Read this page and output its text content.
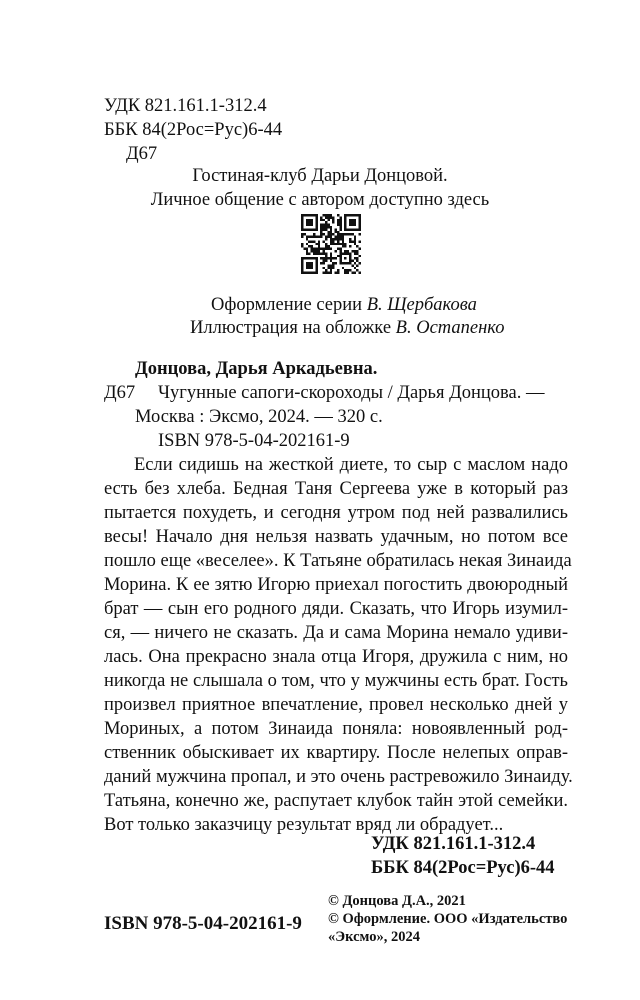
УДК 821.161.1-312.4
ББК 84(2Рос=Рус)6-44
Д67
Гостиная-клуб Дарьи Донцовой.
Личное общение с автором доступно здесь
Оформление серии В. Щербакова
Иллюстрация на обложке В. Остапенко
Донцова, Дарья Аркадьевна.
Д67 Чугунные сапоги-скороходы / Дарья Донцова. —
Москва : Эксмо, 2024. — 320 с.
ISBN 978-5-04-202161-9
Если сидишь на жесткой диете, то сыр с маслом надо
есть без хлеба. Бедная Таня Сергеева уже в который раз
пытается похудеть, и сегодня утром под ней развалились
весы! Начало дня нельзя назвать удачным, но потом все
пошло еще «веселее». К Татьяне обратилась некая Зинаида
Морина. К ее зятю Игорю приехал погостить двоюродный
брат — сын его родного дяди. Сказать, что Игорь изумил-
ся, — ничего не сказать. Да и сама Морина немало удиви-
лась. Она прекрасно знала отца Игоря, дружила с ним, но
никогда не слышала о том, что у мужчины есть брат. Гость
произвел приятное впечатление, провел несколько дней у
Мориных, а потом Зинаида поняла: новоявленный род-
ственник обыскивает их квартиру. После нелепых оправ-
даний мужчина пропал, и это очень растревожило Зинаиду.
Татьяна, конечно же, распутает клубок тайн этой семейки.
Вот только заказчицу результат вряд ли обрадует...
УДК 821.161.1-312.4
ББК 84(2Рос=Рус)6-44
ISBN 978-5-04-202161-9
© Донцова Д.А., 2021
© Оформление. ООО «Издательство
«Эксмо», 2024
